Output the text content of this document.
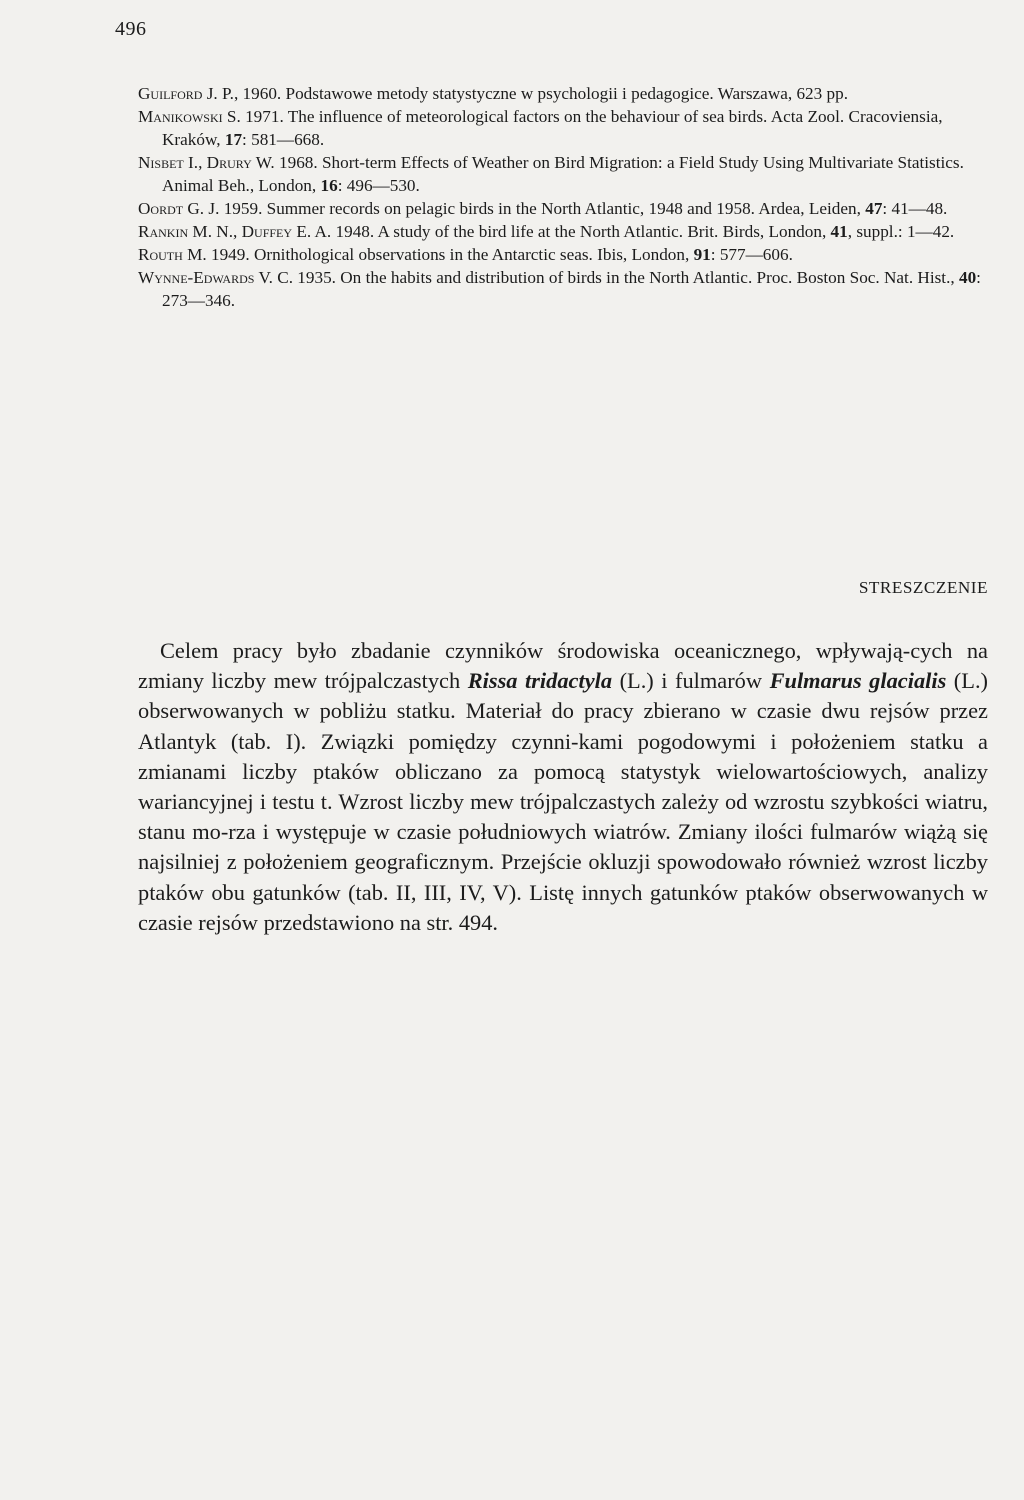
496
Guilford J. P., 1960. Podstawowe metody statystyczne w psychologii i pedagogice. Warszawa, 623 pp.
Manikowski S. 1971. The influence of meteorological factors on the behaviour of sea birds. Acta Zool. Cracoviensia, Kraków, 17: 581—668.
Nisbet I., Drury W. 1968. Short-term Effects of Weather on Bird Migration: a Field Study Using Multivariate Statistics. Animal Beh., London, 16: 496—530.
Oordt G. J. 1959. Summer records on pelagic birds in the North Atlantic, 1948 and 1958. Ardea, Leiden, 47: 41—48.
Rankin M. N., Duffey E. A. 1948. A study of the bird life at the North Atlantic. Brit. Birds, London, 41, suppl.: 1—42.
Routh M. 1949. Ornithological observations in the Antarctic seas. Ibis, London, 91: 577—606.
Wynne-Edwards V. C. 1935. On the habits and distribution of birds in the North Atlantic. Proc. Boston Soc. Nat. Hist., 40: 273—346.
STRESZCZENIE

Celem pracy było zbadanie czynników środowiska oceanicznego, wpływają-cych na zmiany liczby mew trójpalczastych Rissa tridactyla (L.) i fulmarów Fulmarus glacialis (L.) obserwowanych w pobliżu statku. Materiał do pracy zbierano w czasie dwu rejsów przez Atlantyk (tab. I). Związki pomiędzy czynni-kami pogodowymi i położeniem statku a zmianami liczby ptaków obliczano za pomocą statystyk wielowartościowych, analizy wariancyjnej i testu t. Wzrost liczby mew trójpalczastych zależy od wzrostu szybkości wiatru, stanu mo-rza i występuje w czasie południowych wiatrów. Zmiany ilości fulmarów wiążą się najsilniej z położeniem geograficznym. Przejście okluzji spowodowało również wzrost liczby ptaków obu gatunków (tab. II, III, IV, V). Listę innych gatunków ptaków obserwowanych w czasie rejsów przedstawiono na str. 494.
